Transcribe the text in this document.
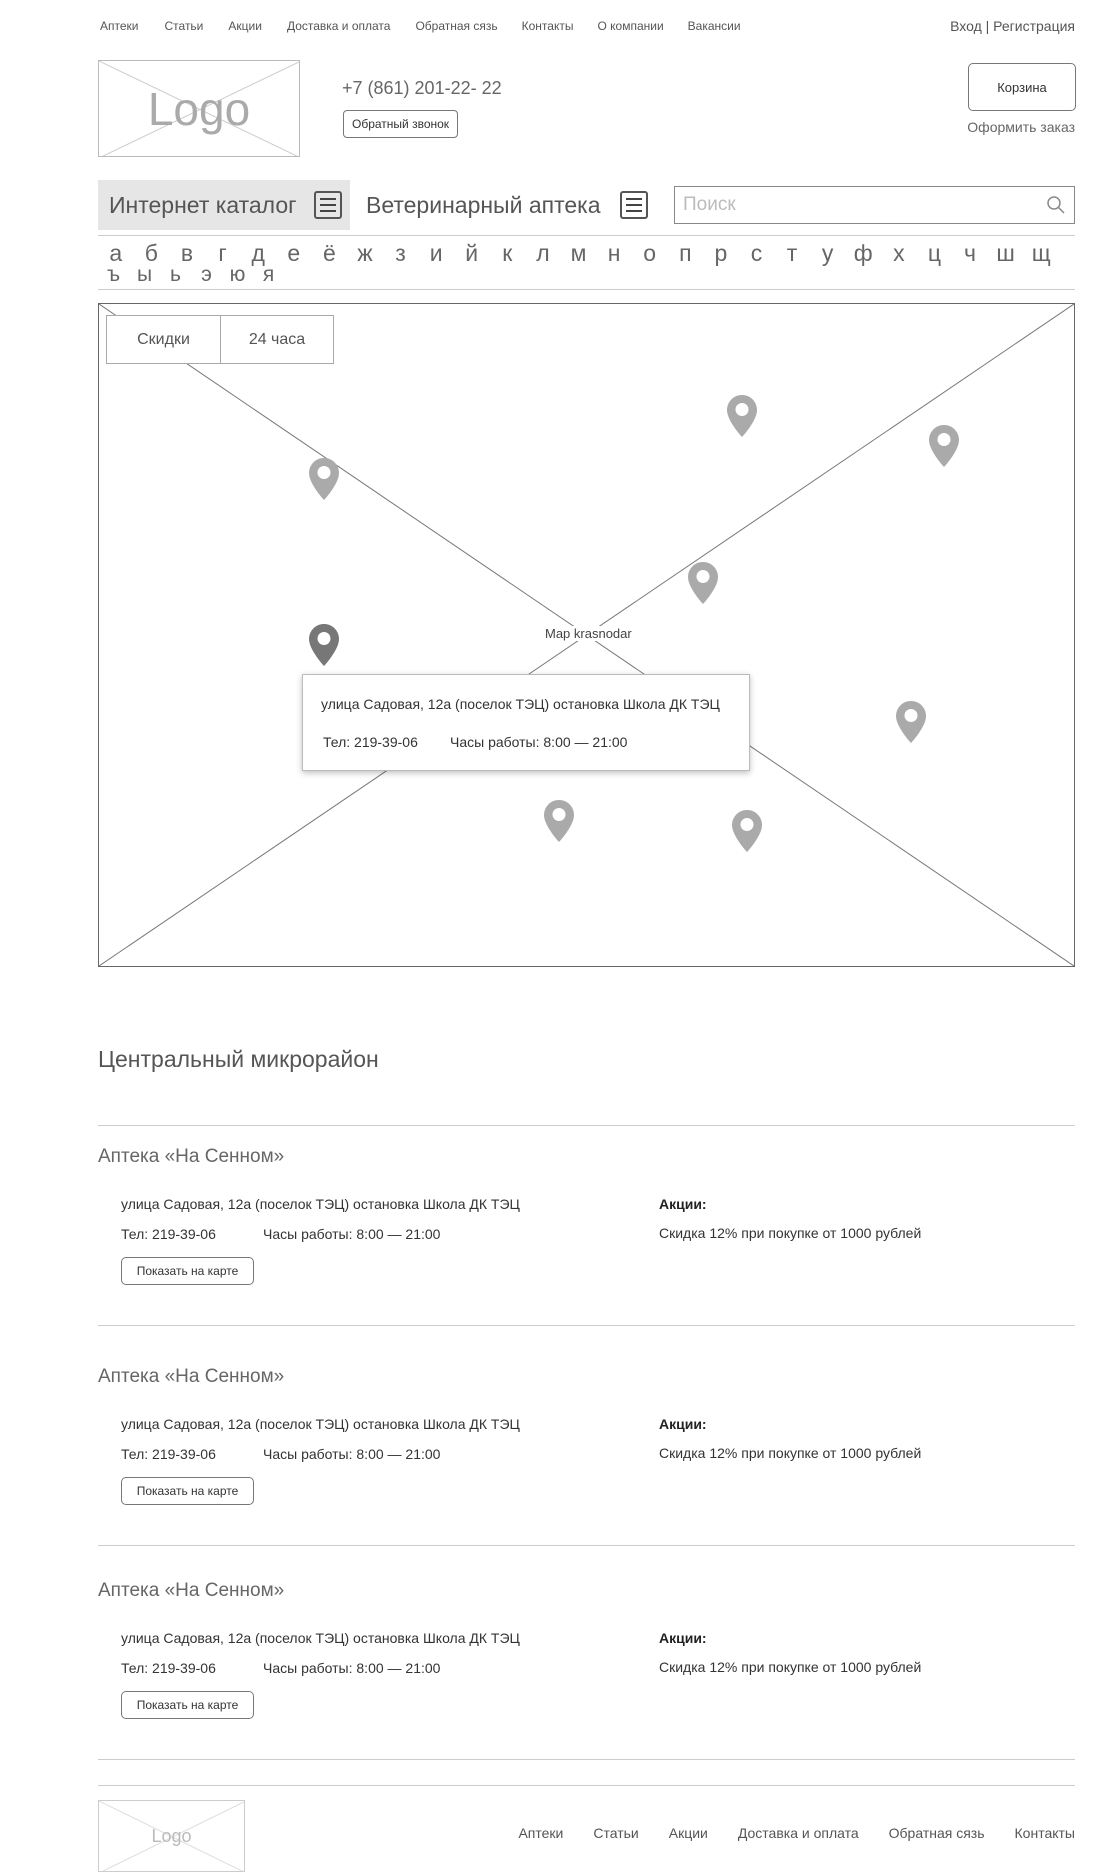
Аптеки Статьи Акции Доставка и оплата Обратная сязь Контакты О компании Вакансии	Вход | Регистрация
Logo	+7 (861) 201-22- 22
Обратный звонок
Корзина
Оформить заказ
Интернет каталог	Ветеринарный аптека
Поиск
а б в	г	д е ё ж з	и й	к	л м н о п р	с	т	у ф х	ц	ч ш щ
ъ ы ь э ю я
Скидки	24 часа
Map krasnodar
улица Садовая, 12а (поселок ТЭЦ) остановка Школа ДК ТЭЦ
Тел: 219-39-06 Часы работы: 8:00 — 21:00
Центральный микрорайон
Аптека «На Сенном»
улица Садовая, 12а (поселок ТЭЦ) остановка Школа ДК ТЭЦ
Тел: 219-39-06	Часы работы: 8:00 — 21:00
Акции:
Скидка 12% при покупке от 1000 рублей
Показать на карте
Аптека «На Сенном»
улица Садовая, 12а (поселок ТЭЦ) остановка Школа ДК ТЭЦ
Тел: 219-39-06	Часы работы: 8:00 — 21:00
Акции:
Скидка 12% при покупке от 1000 рублей
Показать на карте
Аптека «На Сенном»
улица Садовая, 12а (поселок ТЭЦ) остановка Школа ДК ТЭЦ
Тел: 219-39-06	Часы работы: 8:00 — 21:00
Акции:
Скидка 12% при покупке от 1000 рублей
Показать на карте
Logo	Аптеки Статьи Акции Доставка и оплата Обратная сязь Контакты
